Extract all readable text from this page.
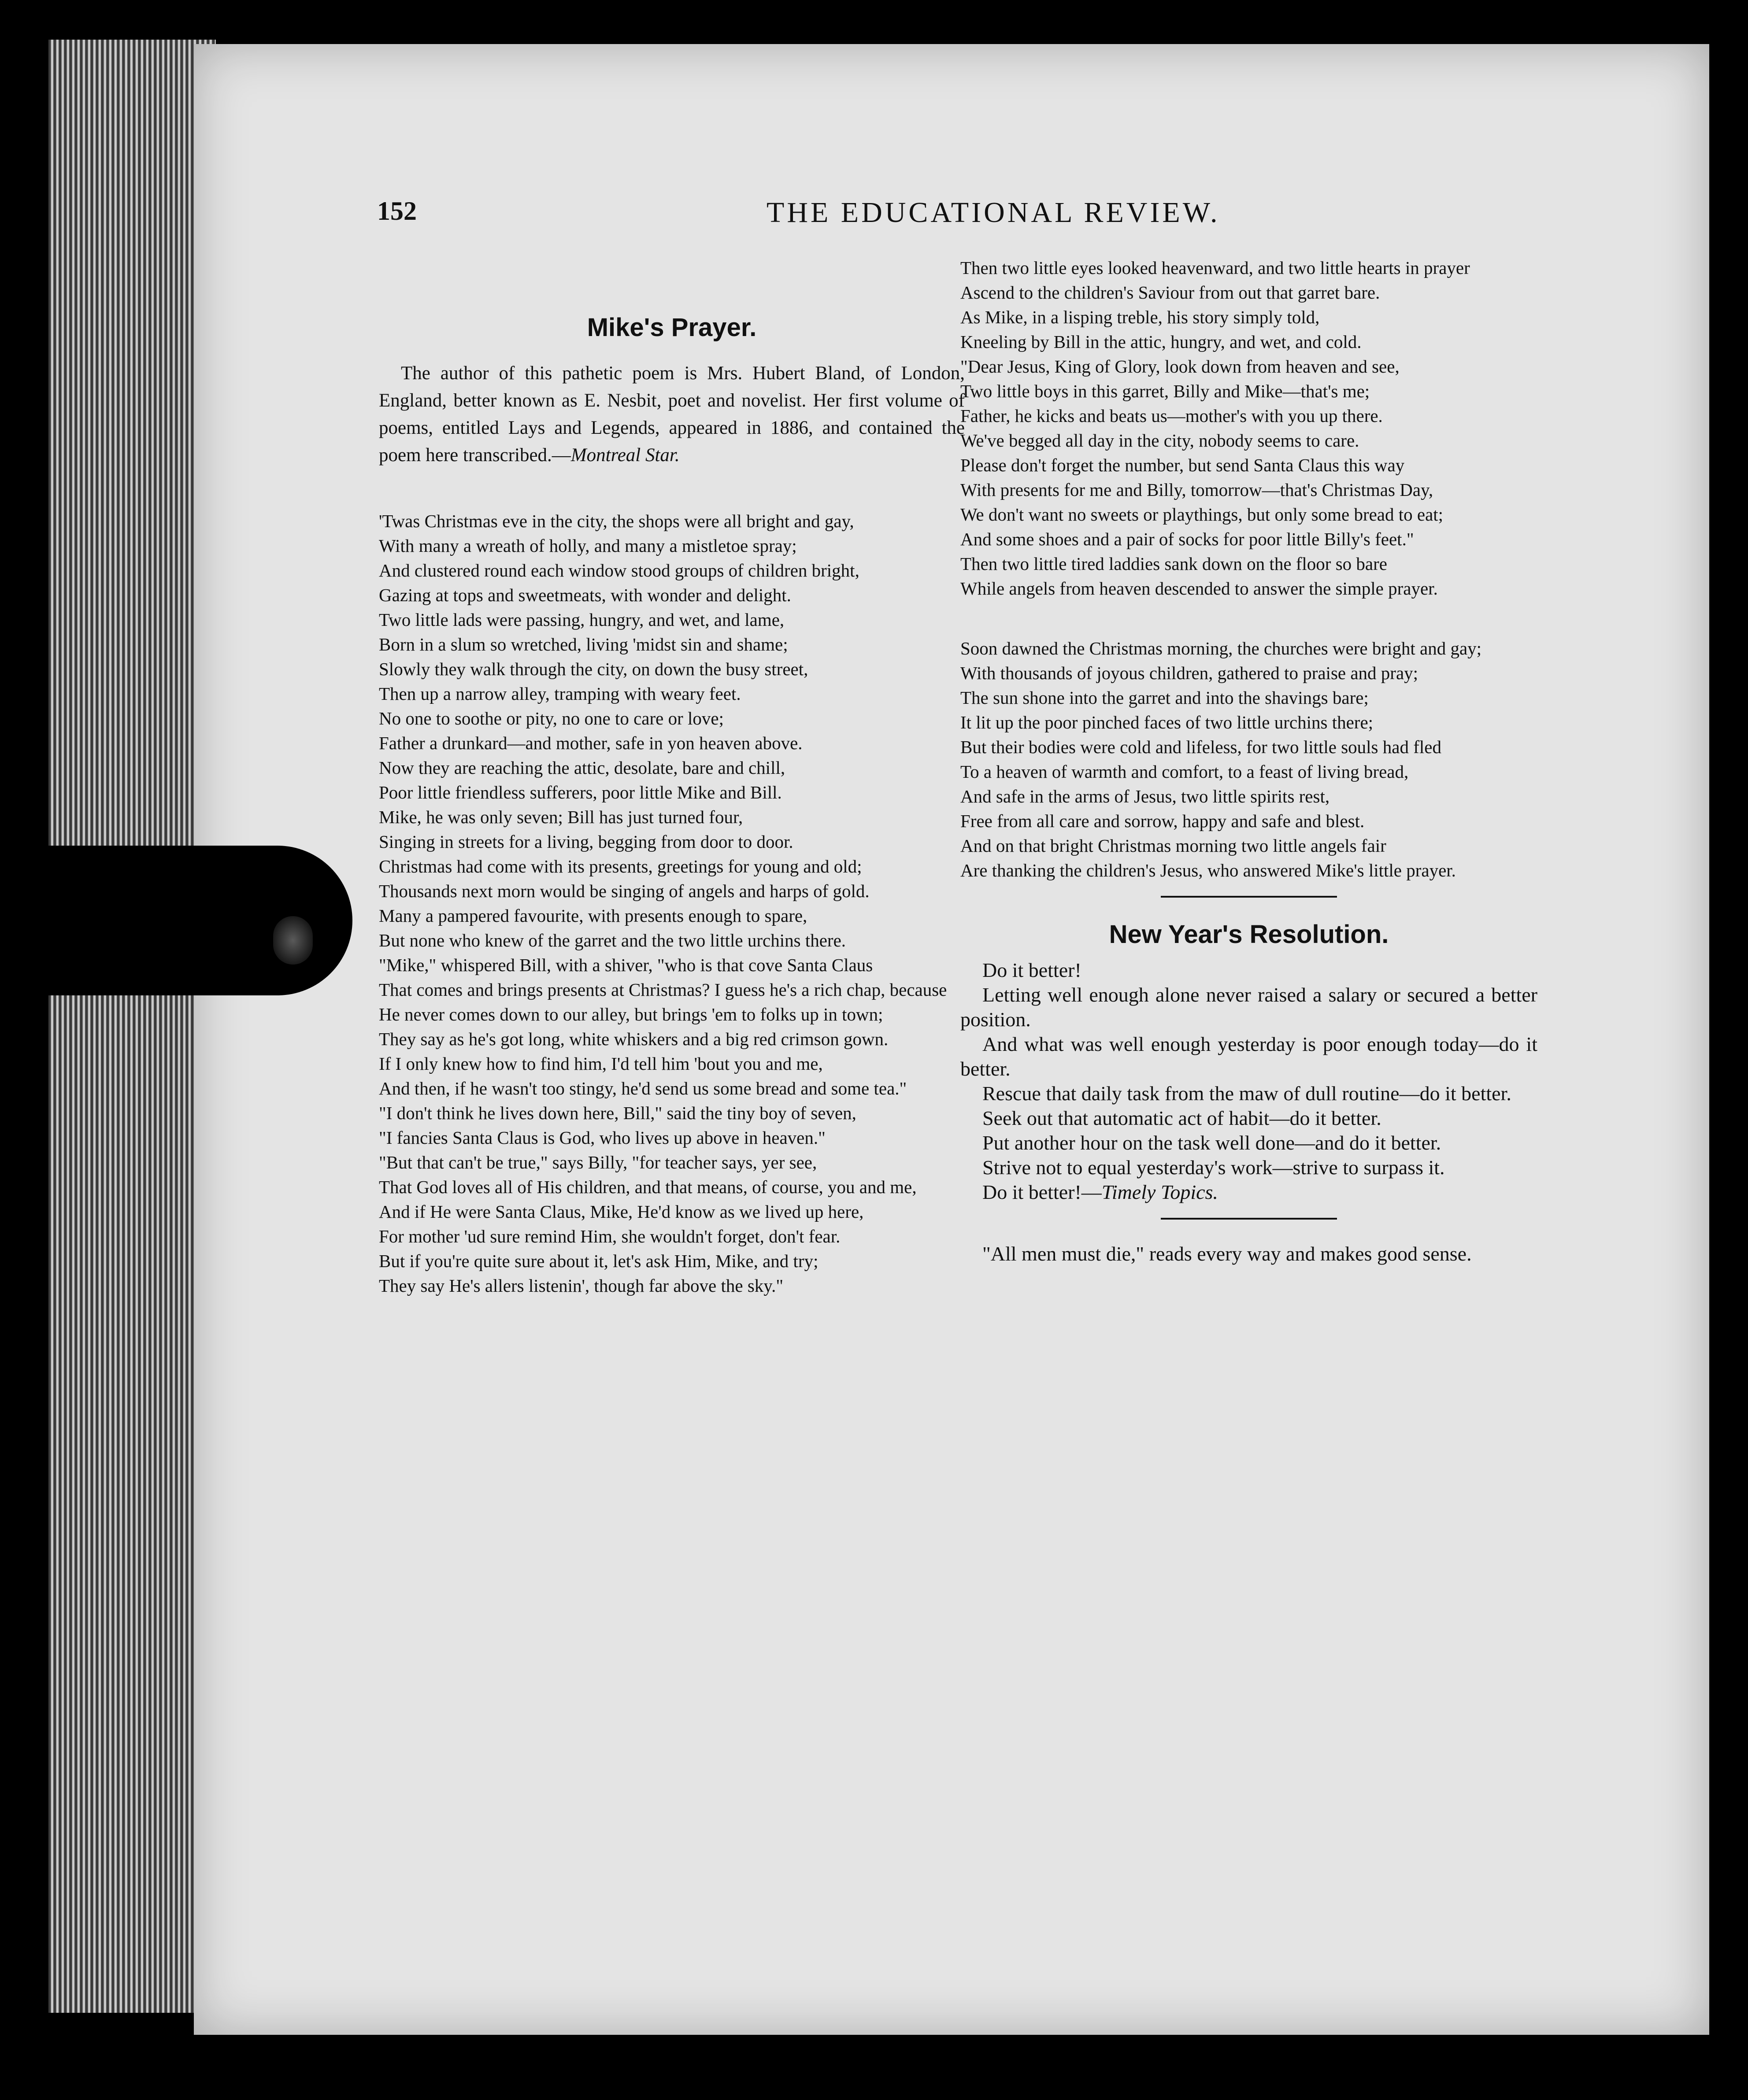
152	THE EDUCATIONAL REVIEW.
Mike's Prayer.

The author of this pathetic poem is Mrs. Hubert Bland, of London, England, better known as E. Nesbit, poet and novelist. Her first volume of poems, entitled Lays and Legends, appeared in 1886, and contained the poem here transcribed.—Montreal Star.

'Twas Christmas eve in the city, the shops were all bright and gay,
With many a wreath of holly, and many a mistletoe spray;
And clustered round each window stood groups of children bright,
Gazing at tops and sweetmeats, with wonder and delight.
Two little lads were passing, hungry, and wet, and lame,
Born in a slum so wretched, living 'midst sin and shame;
Slowly they walk through the city, on down the busy street,
Then up a narrow alley, tramping with weary feet.
No one to soothe or pity, no one to care or love;
Father a drunkard—and mother, safe in yon heaven above.
Now they are reaching the attic, desolate, bare and chill,
Poor little friendless sufferers, poor little Mike and Bill.
Mike, he was only seven; Bill has just turned four,
Singing in streets for a living, begging from door to door.
Christmas had come with its presents, greetings for young and old;
Thousands next morn would be singing of angels and harps of gold.
Many a pampered favourite, with presents enough to spare,
But none who knew of the garret and the two little urchins there.
"Mike," whispered Bill, with a shiver, "who is that cove Santa Claus
That comes and brings presents at Christmas? I guess he's a rich chap, because
He never comes down to our alley, but brings 'em to folks up in town;
They say as he's got long, white whiskers and a big red crimson gown.
If I only knew how to find him, I'd tell him 'bout you and me,
And then, if he wasn't too stingy, he'd send us some bread and some tea."
"I don't think he lives down here, Bill," said the tiny boy of seven,
"I fancies Santa Claus is God, who lives up above in heaven."
"But that can't be true," says Billy, "for teacher says, yer see,
That God loves all of His children, and that means, of course, you and me,
And if He were Santa Claus, Mike, He'd know as we lived up here,
For mother 'ud sure remind Him, she wouldn't forget, don't fear.
But if you're quite sure about it, let's ask Him, Mike, and try;
They say He's allers listenin', though far above the sky."
Then two little eyes looked heavenward, and two little hearts in prayer
Ascend to the children's Saviour from out that garret bare.
As Mike, in a lisping treble, his story simply told,
Kneeling by Bill in the attic, hungry, and wet, and cold.
"Dear Jesus, King of Glory, look down from heaven and see,
Two little boys in this garret, Billy and Mike—that's me;
Father, he kicks and beats us—mother's with you up there.
We've begged all day in the city, nobody seems to care.
Please don't forget the number, but send Santa Claus this way
With presents for me and Billy, tomorrow—that's Christmas Day,
We don't want no sweets or playthings, but only some bread to eat;
And some shoes and a pair of socks for poor little Billy's feet."
Then two little tired laddies sank down on the floor so bare
While angels from heaven descended to answer the simple prayer.
Soon dawned the Christmas morning, the churches were bright and gay;
With thousands of joyous children, gathered to praise and pray;
The sun shone into the garret and into the shavings bare;
It lit up the poor pinched faces of two little urchins there;
But their bodies were cold and lifeless, for two little souls had fled
To a heaven of warmth and comfort, to a feast of living bread,
And safe in the arms of Jesus, two little spirits rest,
Free from all care and sorrow, happy and safe and blest.
And on that bright Christmas morning two little angels fair
Are thanking the children's Jesus, who answered Mike's little prayer.
New Year's Resolution.

Do it better!

Letting well enough alone never raised a salary or secured a better position.

And what was well enough yesterday is poor enough today—do it better.

Rescue that daily task from the maw of dull routine—do it better.

Seek out that automatic act of habit—do it better.

Put another hour on the task well done—and do it better.

Strive not to equal yesterday's work—strive to surpass it.

Do it better!—Timely Topics.

"All men must die," reads every way and makes good sense.
